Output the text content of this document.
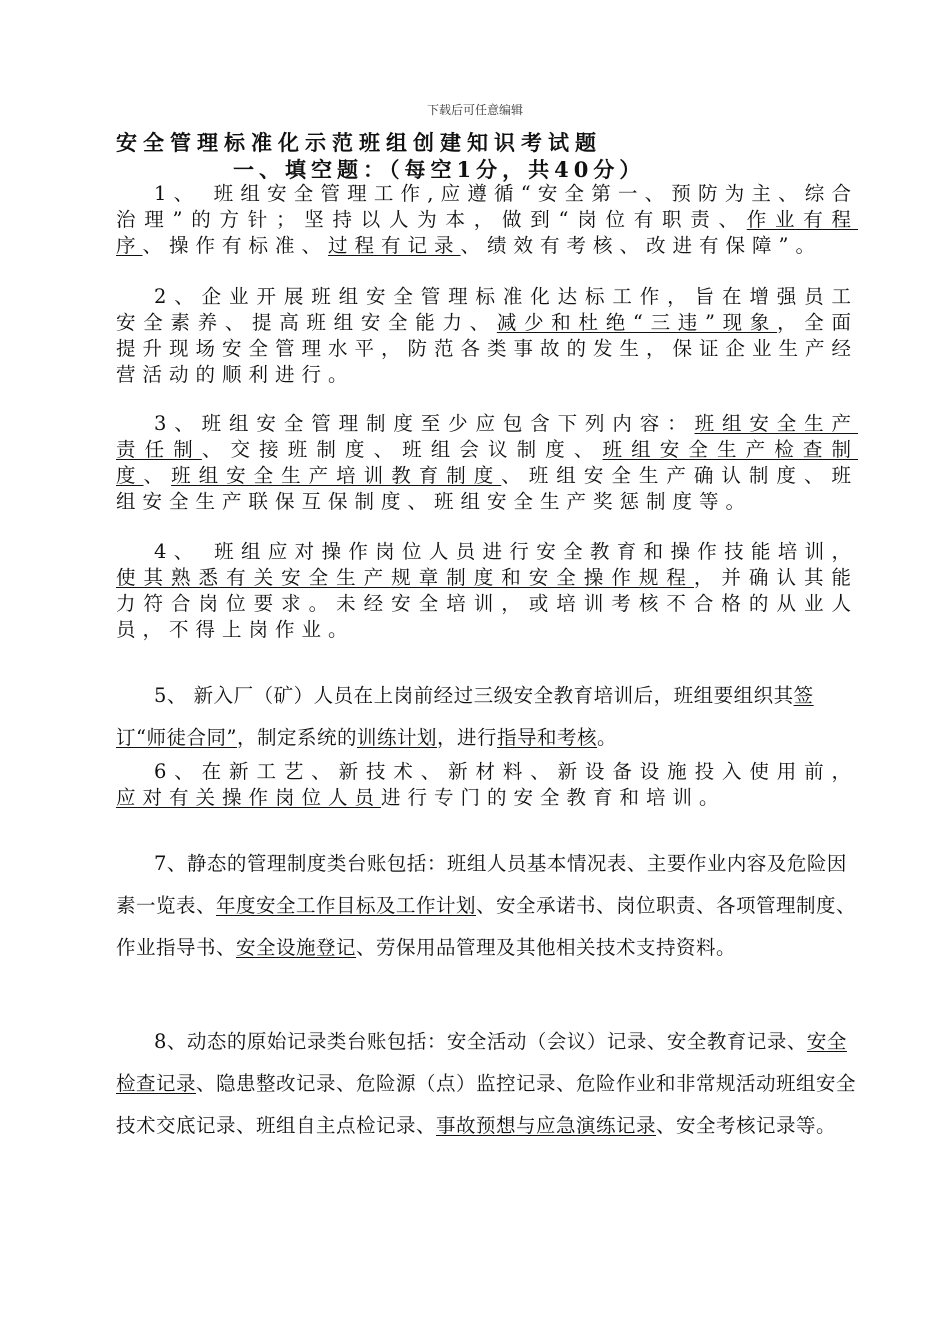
下载后可任意编辑
安全管理标准化示范班组创建知识考试题
一、填空题：（每空1分，共40分）
1、 班组安全管理工作,应遵循“安全第一、预防为主、综合治理”的方针；坚持以人为本，做到“岗位有职责、作业有程序、操作有标准、过程有记录、绩效有考核、改进有保障”。
2、企业开展班组安全管理标准化达标工作，旨在增强员工安全素养、提高班组安全能力、减少和杜绝“三违”现象，全面提升现场安全管理水平，防范各类事故的发生，保证企业生产经营活动的顺利进行。
3、班组安全管理制度至少应包含下列内容：班组安全生产责任制、交接班制度、班组会议制度、班组安全生产检查制度、班组安全生产培训教育制度、班组安全生产确认制度、班组安全生产联保互保制度、班组安全生产奖惩制度等。
4、 班组应对操作岗位人员进行安全教育和操作技能培训，使其熟悉有关安全生产规章制度和安全操作规程，并确认其能力符合岗位要求。未经安全培训，或培训考核不合格的从业人员，不得上岗作业。
5、 新入厂（矿）人员在上岗前经过三级安全教育培训后，班组要组织其签订“师徒合同”，制定系统的训练计划，进行指导和考核。
6、在新工艺、新技术、新材料、新设备设施投入使用前，应对有关操作岗位人员进行专门的安全教育和培训。
7、静态的管理制度类台账包括：班组人员基本情况表、主要作业内容及危险因素一览表、年度安全工作目标及工作计划、安全承诺书、岗位职责、各项管理制度、 作业指导书、安全设施登记、劳保用品管理及其他相关技术支持资料。
8、动态的原始记录类台账包括：安全活动（会议）记录、安全教育记录、安全检查记录、隐患整改记录、危险源（点）监控记录、危险作业和非常规活动班组安全技术交底记录、班组自主点检记录、事故预想与应急演练记录、安全考核记录等。
